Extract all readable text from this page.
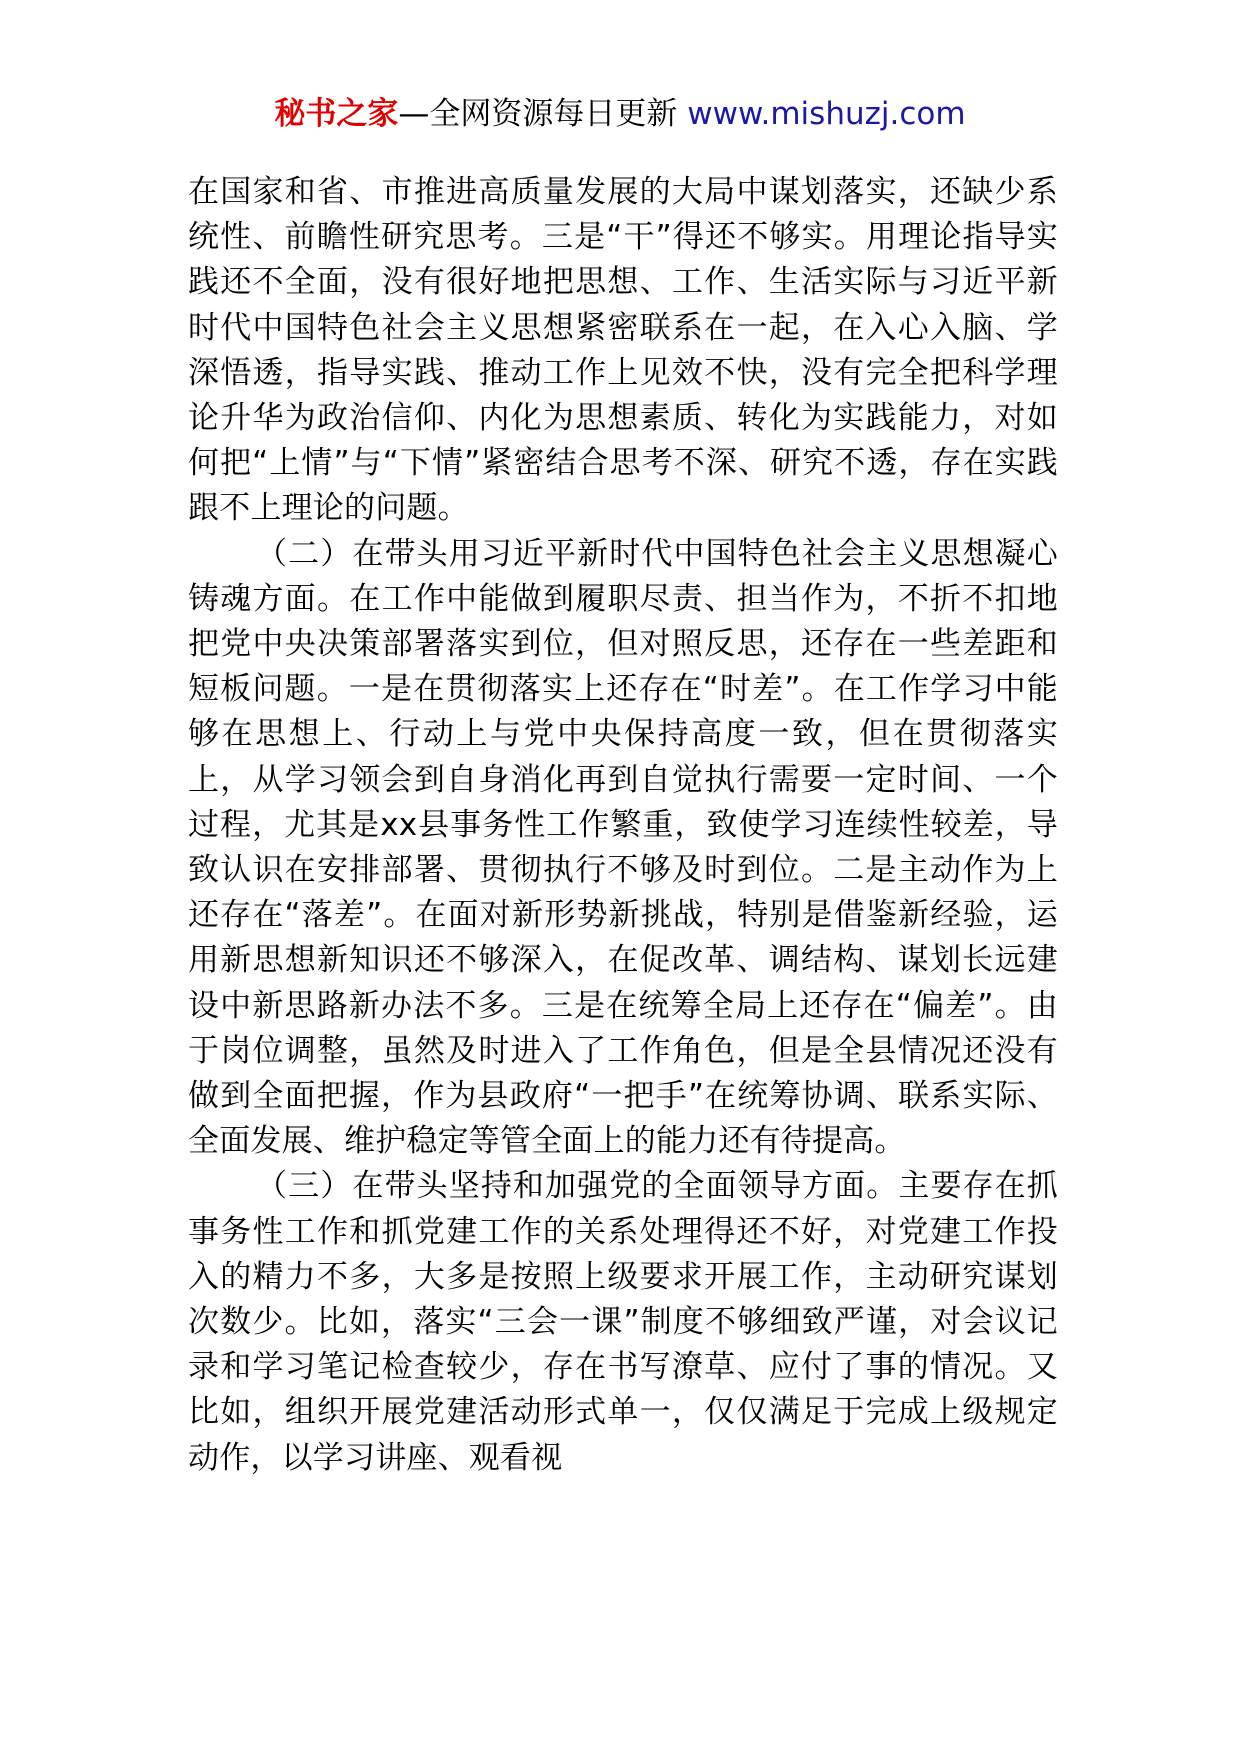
秘书之家—全网资源每日更新 www.mishuzj.com

在国家和省、市推进高质量发展的大局中谋划落实，还缺少系统性、前瞻性研究思考。三是“干”得还不够实。用理论指导实践还不全面，没有很好地把思想、工作、生活实际与习近平新时代中国特色社会主义思想紧密联系在一起，在入心入脑、学深悟透，指导实践、推动工作上见效不快，没有完全把科学理论升华为政治信仰、内化为思想素质、转化为实践能力，对如何把“上情”与“下情”紧密结合思考不深、研究不透，存在实践跟不上理论的问题。

（二）在带头用习近平新时代中国特色社会主义思想凝心铸魂方面。在工作中能做到履职尽责、担当作为，不折不扣地把党中央决策部署落实到位，但对照反思，还存在一些差距和短板问题。一是在贯彻落实上还存在“时差”。在工作学习中能够在思想上、行动上与党中央保持高度一致，但在贯彻落实上，从学习领会到自身消化再到自觉执行需要一定时间、一个过程，尤其是xx县事务性工作繁重，致使学习连续性较差，导致认识在安排部署、贯彻执行不够及时到位。二是主动作为上还存在“落差”。在面对新形势新挑战，特别是借鉴新经验，运用新思想新知识还不够深入，在促改革、调结构、谋划长远建设中新思路新办法不多。三是在统筹全局上还存在“偏差”。由于岗位调整，虽然及时进入了工作角色，但是全县情况还没有做到全面把握，作为县政府“一把手”在统筹协调、联系实际、全面发展、维护稳定等管全面上的能力还有待提高。

（三）在带头坚持和加强党的全面领导方面。主要存在抓事务性工作和抓党建工作的关系处理得还不好，对党建工作投入的精力不多，大多是按照上级要求开展工作，主动研究谋划次数少。比如，落实“三会一课”制度不够细致严谨，对会议记录和学习笔记检查较少，存在书写潦草、应付了事的情况。又比如，组织开展党建活动形式单一，仅仅满足于完成上级规定动作，以学习讲座、观看视
